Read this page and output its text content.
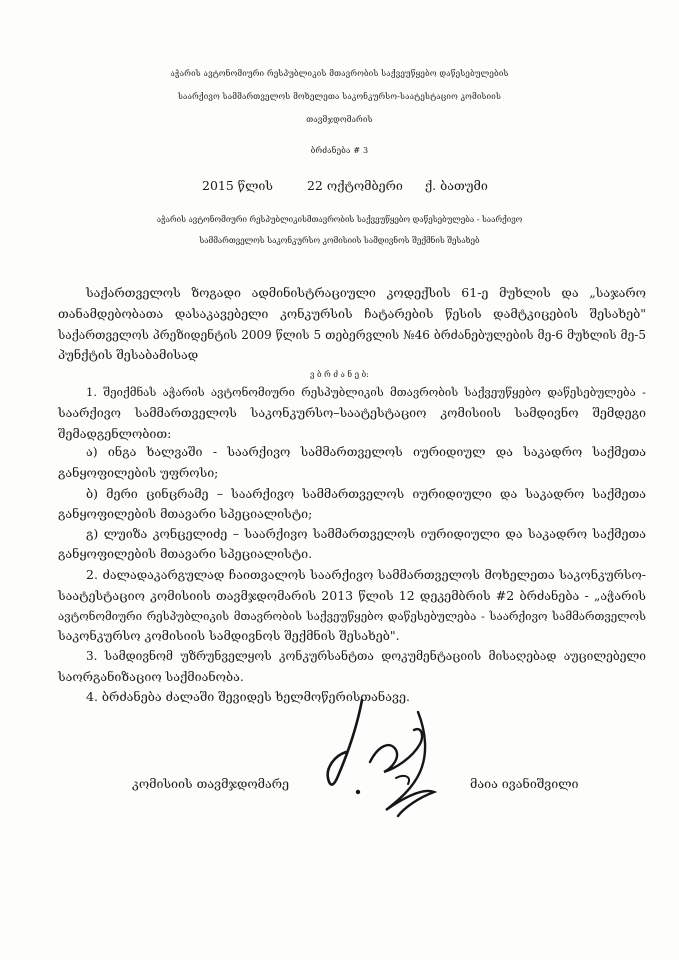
აჭარის ავტონომიური რესპუბლიკის მთავრობის საქვეუწყებო დაწესებულების
საარქივო სამმართველოს მოხელეთა საკონკურსო-საატესტაციო კომისიის
თავმჯდომარის
ბრძანება # 3
2015 წლის	22 ოქტომბერი ქ. ბათუმი
აჭარის ავტონომიური რესპუბლიკისმთავრობის საქვეუწყებო დაწესებულება - საარქივო
სამმართველოს საკონკურსო კომისიის სამდივნოს შექმნის შესახებ
საქართველოს ზოგადი ადმინისტრაციული კოდექსის 61-ე მუხლის და „საჯარო
თანამდებობათა დასაკავებელი კონკურსის ჩატარების წესის დამტკიცების შესახებ"
საქართველოს პრეზიდენტის 2009 წლის 5 თებერვლის №46 ბრძანებულების მე-6 მუხლის მე-5
პუნქტის შესაბამისად
ვ ბ რ ძ ა ნ ე ბ:
1. შეიქმნას აჭარის ავტონომიური რესპუბლიკის მთავრობის საქვეუწყებო დაწესებულება -
საარქივო სამმართველოს საკონკურსო–საატესტაციო კომისიის სამდივნო შემდეგი
შემადგენლობით:
ა) ინგა ხალვაში - საარქივო სამმართველოს იურიდიულ და საკადრო საქმეთა
განყოფილების უფროსი;
ბ) მერი ცინცრამე – საარქივო სამმართველოს იურიდიული და საკადრო საქმეთა
განყოფილების მთავარი სპეციალისტი;
გ) ლუიზა კონცელიძე – საარქივო სამმართველოს იურიდიული და საკადრო საქმეთა
განყოფილების მთავარი სპეციალისტი.
2. ძალადაკარგულად ჩაითვალოს საარქივო სამმართველოს მოხელეთა საკონკურსო-
საატესტაციო კომისიის თავმჯდომარის 2013 წლის 12 დეკემბრის #2 ბრძანება - „აჭარის
ავტონომიური რესპუბლიკის მთავრობის საქვეუწყებო დაწესებულება - საარქივო სამმართველოს
საკონკურსო კომისიის სამდივნოს შექმნის შესახებ".
3. სამდივნომ უზრუნველყოს კონკურსანტთა დოკუმენტაციის მისაღებად აუცილებელი
საორგანიზაციო საქმიანობა.
4. ბრძანება ძალაში შევიდეს ხელმოწერისთანავე.
კომისიის თავმჯდომარე	მაია ივანიშვილი
